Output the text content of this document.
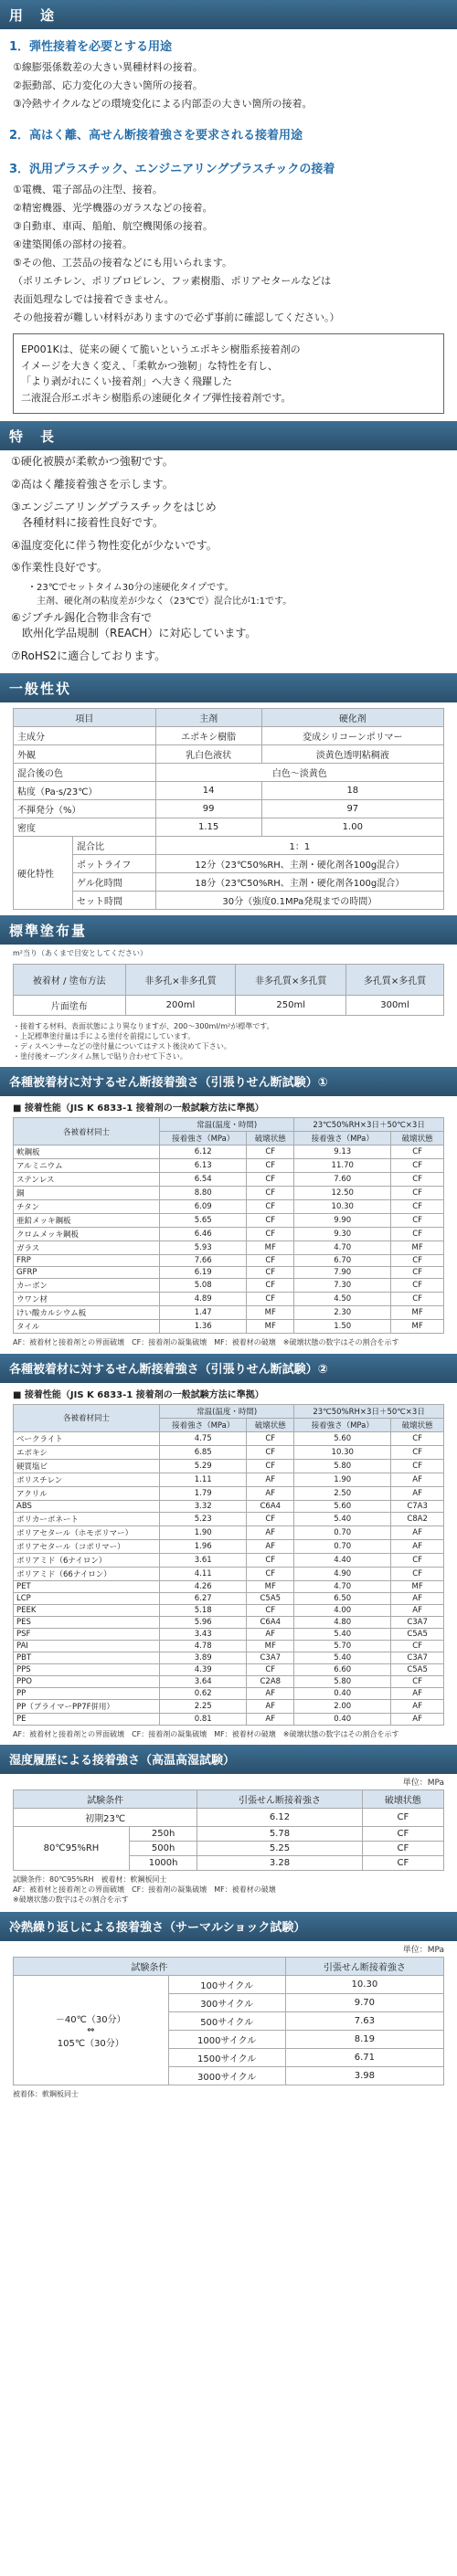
用　途
1．弾性接着を必要とする用途
①線膨張係数差の大きい異種材料の接着。
②振動部、応力変化の大きい箇所の接着。
③冷熱サイクルなどの環境変化による内部歪の大きい箇所の接着。
2．高はく離、高せん断接着強さを要求される接着用途
3．汎用プラスチック、エンジニアリングプラスチックの接着
①電機、電子部品の注型、接着。
②精密機器、光学機器のガラスなどの接着。
③自動車、車両、船舶、航空機関係の接着。
④建築関係の部材の接着。
⑤その他、工芸品の接着などにも用いられます。
（ポリエチレン、ポリプロピレン、フッ素樹脂、ポリアセタールなどは
表面処理なしでは接着できません。
その他接着が難しい材料がありますので必ず事前に確認してください。）
EP001Kは、従来の硬くて脆いというエポキシ樹脂系接着剤の
イメージを大きく変え、「柔軟かつ強靭」な特性を有し、
「より剥がれにくい接着剤」へ大きく飛躍した
二液混合形エポキシ樹脂系の速硬化タイプ弾性接着剤です。
特　長
①硬化被膜が柔軟かつ強靭です。
②高はく離接着強さを示します。
③エンジニアリングプラスチックをはじめ
　各種材料に接着性良好です。
④温度変化に伴う物性変化が少ないです。
⑤作業性良好です。
・23℃でセットタイム30分の速硬化タイプです。
　主剤、硬化剤の粘度差が少なく（23℃で）混合比が1:1です。
⑥ジブチル錫化合物非含有で
　欧州化学品規制（REACH）に対応しています。
⑦RoHS2に適合しております。
一般性状
項目		主剤	硬化剤
主成分		エポキシ樹脂	変成シリコーンポリマー
外観		乳白色液状	淡黄色透明粘稠液
混合後の色		白色～淡黄色	
粘度（Pa·s/23℃）		14	18
不揮発分（%）		99	97
密度		1.15	1.00
硬化特性	混合比	1：1	
	ポットライフ	12分（23℃50%RH、主剤・硬化剤各100g混合）	
	ゲル化時間	18分（23℃50%RH、主剤・硬化剤各100g混合）	
	セット時間	30分（強度0.1MPa発現までの時間）	
標準塗布量
m²当り（あくまで目安としてください）
被着材 / 塗布方法	非多孔×非多孔質	非多孔質×多孔質	多孔質×多孔質
片面塗布	200ml	250ml	300ml
・接着する材料、表面状態により異なりますが、200～300ml/m²が標準です。
・上記標準塗付量は手による塗付を前提にしています。
・ディスペンサーなどの塗付量についてはテスト後決めて下さい。
・塗付後オープンタイム無しで貼り合わせて下さい。
各種被着材に対するせん断接着強さ（引張りせん断試験）①
■ 接着性能（JIS K 6833-1 接着剤の一般試験方法に準拠）
各被着材同士	常温(温度・時間)		23℃50%RH×3日＋50℃×3日	
	接着強さ（MPa）	破壊状態	接着強さ（MPa）	破壊状態
軟鋼板	6.12	CF	9.13	CF
アルミニウム	6.13	CF	11.70	CF
ステンレス	6.54	CF	7.60	CF
銅	8.80	CF	12.50	CF
チタン	6.09	CF	10.30	CF
亜鉛メッキ鋼板	5.65	CF	9.90	CF
クロムメッキ鋼板	6.46	CF	9.30	CF
ガラス	5.93	MF	4.70	MF
FRP	7.66	CF	6.70	CF
GFRP	6.19	CF	7.90	CF
カーボン	5.08	CF	7.30	CF
ウワン材	4.89	CF	4.50	CF
けい酸カルシウム板	1.47	MF	2.30	MF
タイル	1.36	MF	1.50	MF
AF：被着材と接着剤との界面破壊　CF：接着剤の凝集破壊　MF：被着材の破壊　※破壊状態の数字はその割合を示す
各種被着材に対するせん断接着強さ（引張りせん断試験）②
■ 接着性能（JIS K 6833-1 接着剤の一般試験方法に準拠）
各被着材同士	常温(温度・時間)		23℃50%RH×3日＋50℃×3日	
	接着強さ（MPa）	破壊状態	接着強さ（MPa）	破壊状態
ベークライト	4.75	CF	5.60	CF
エポキシ	6.85	CF	10.30	CF
硬質塩ビ	5.29	CF	5.80	CF
ポリスチレン	1.11	AF	1.90	AF
アクリル	1.79	AF	2.50	AF
ABS	3.32	C6A4	5.60	C7A3
ポリカーボネート	5.23	CF	5.40	C8A2
ポリアセタール（ホモポリマー）	1.90	AF	0.70	AF
ポリアセタール（コポリマー）	1.96	AF	0.70	AF
ポリアミド（6ナイロン）	3.61	CF	4.40	CF
ポリアミド（66ナイロン）	4.11	CF	4.90	CF
PET	4.26	MF	4.70	MF
LCP	6.27	C5A5	6.50	AF
PEEK	5.18	CF	4.00	AF
PES	5.96	C6A4	4.80	C3A7
PSF	3.43	AF	5.40	C5A5
PAI	4.78	MF	5.70	CF
PBT	3.89	C3A7	5.40	C3A7
PPS	4.39	CF	6.60	C5A5
PPO	3.64	C2A8	5.80	CF
PP	0.62	AF	0.40	AF
PP（プライマーPP7F併用）	2.25	AF	2.00	AF
PE	0.81	AF	0.40	AF
AF：被着材と接着剤との界面破壊　CF：接着剤の凝集破壊　MF：被着材の破壊　※破壊状態の数字はその割合を示す
湿度履歴による接着強さ（高温高湿試験）
単位：MPa
試験条件		引張せん断接着強さ	破壊状態
初期23℃		6.12	CF
80℃95%RH	250h	5.78	CF
	500h	5.25	CF
	1000h	3.28	CF
試験条件：80℃95%RH　被着材：軟鋼板同士
AF：被着材と接着剤との界面破壊　CF：接着剤の凝集破壊　MF：被着材の破壊
※破壊状態の数字はその割合を示す
冷熱繰り返しによる接着強さ（サーマルショック試験）
単位：MPa
試験条件		引張せん断接着強さ

－40℃（30分）
⇔
105℃（30分）	100サイクル	10.30
	300サイクル	9.70
	500サイクル	7.63
	1000サイクル	8.19
	1500サイクル	6.71
	3000サイクル	3.98
被着体：軟鋼板同士
